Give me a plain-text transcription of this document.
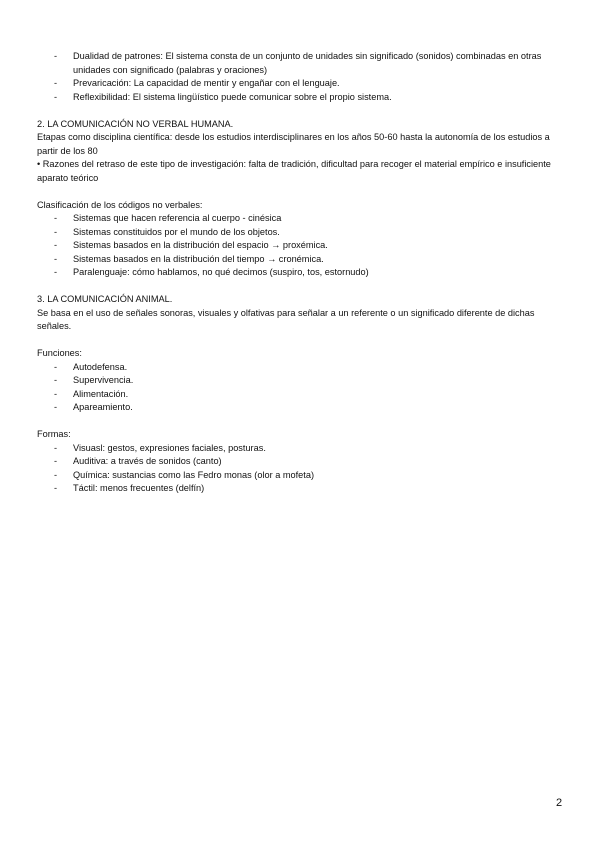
- Dualidad de patrones: El sistema consta de un conjunto de unidades sin significado (sonidos) combinadas en otras unidades con significado (palabras y oraciones)
- Prevaricación: La capacidad de mentir y engañar con el lenguaje.
- Reflexibilidad: El sistema lingüístico puede comunicar sobre el propio sistema.

2. LA COMUNICACIÓN NO VERBAL HUMANA.

Etapas como disciplina científica: desde los estudios interdisciplinares en los años 50-60 hasta la autonomía de los estudios a partir de los 80

• Razones del retraso de este tipo de investigación: falta de tradición, dificultad para recoger el material empírico e insuficiente aparato teórico

Clasificación de los códigos no verbales:

- Sistemas que hacen referencia al cuerpo - cinésica
- Sistemas constituidos por el mundo de los objetos.
- Sistemas basados en la distribución del espacio → proxémica.
- Sistemas basados en la distribución del tiempo → cronémica.
- Paralenguaje: cómo hablamos, no qué decimos (suspiro, tos, estornudo)

3. LA COMUNICACIÓN ANIMAL.

Se basa en el uso de señales sonoras, visuales y olfativas para señalar a un referente o un significado diferente de dichas señales.

Funciones:

- Autodefensa.
- Supervivencia.
- Alimentación.
- Apareamiento.

Formas:

- Visuasl: gestos, expresiones faciales, posturas.
- Auditiva: a través de sonidos (canto)
- Química: sustancias como las Fedro monas (olor a mofeta)
- Táctil: menos frecuentes (delfín)
2
